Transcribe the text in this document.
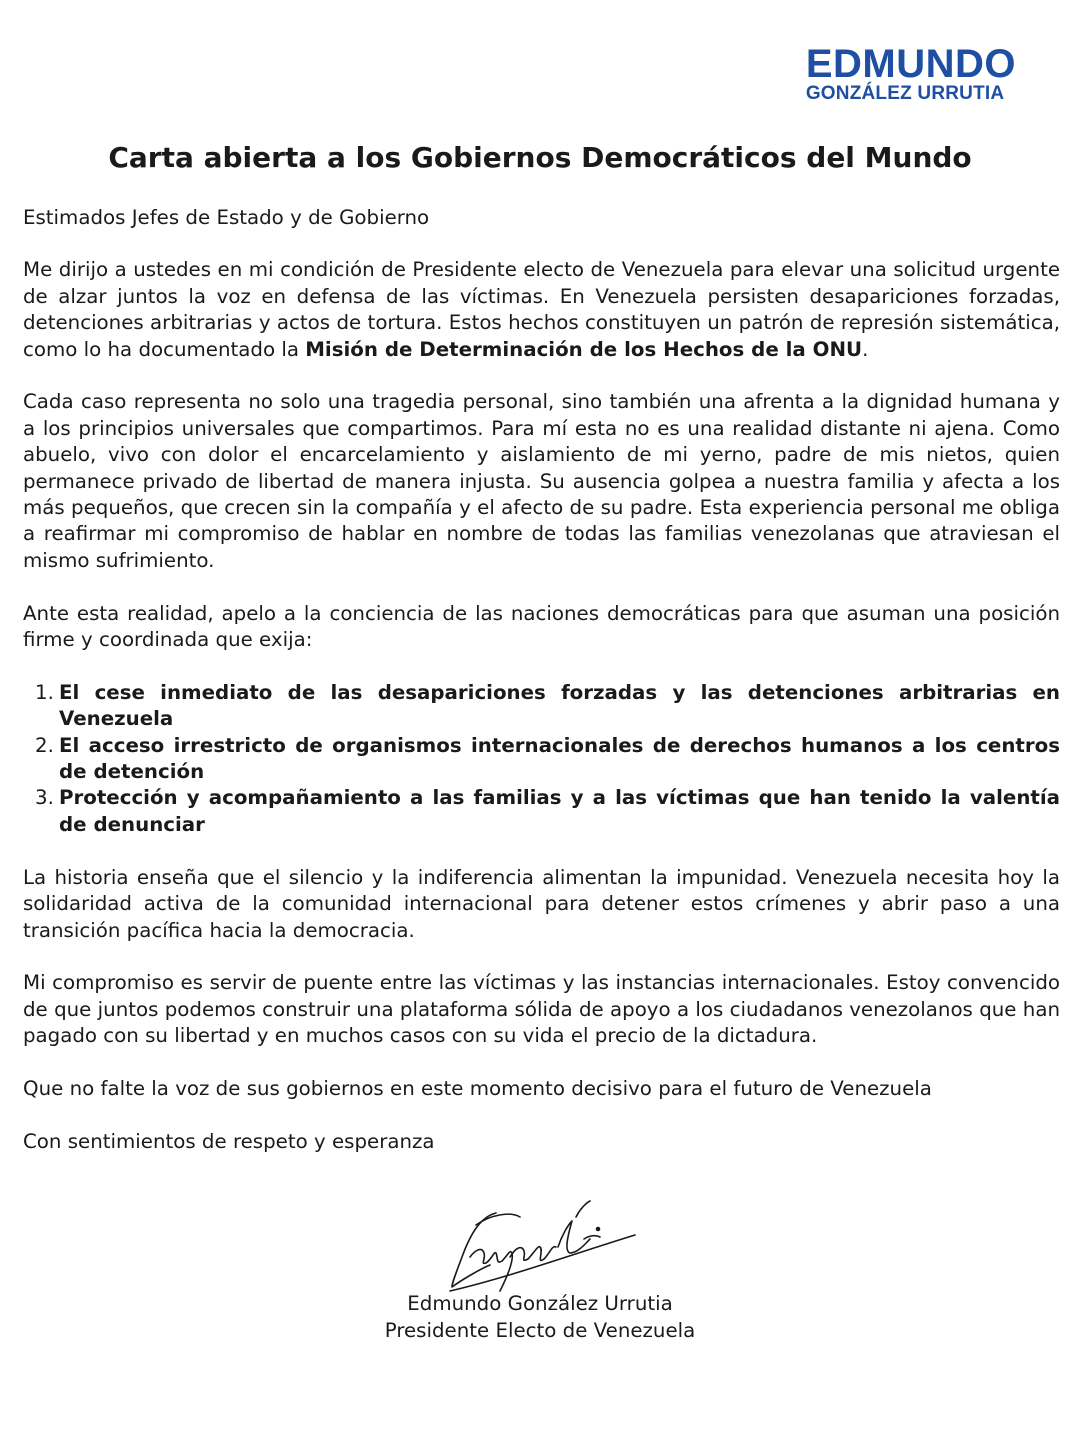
EDMUNDO
GONZÁLEZ URRUTIA
Carta abierta a los Gobiernos Democráticos del Mundo

Estimados Jefes de Estado y de Gobierno

Me dirijo a ustedes en mi condición de Presidente electo de Venezuela para elevar una solicitud urgente de alzar juntos la voz en defensa de las víctimas. En Venezuela persisten desapariciones forzadas, detenciones arbitrarias y actos de tortura. Estos hechos constituyen un patrón de represión sistemática, como lo ha documentado la Misión de Determinación de los Hechos de la ONU.

Cada caso representa no solo una tragedia personal, sino también una afrenta a la dignidad humana y a los principios universales que compartimos. Para mí esta no es una realidad distante ni ajena. Como abuelo, vivo con dolor el encarcelamiento y aislamiento de mi yerno, padre de mis nietos, quien permanece privado de libertad de manera injusta. Su ausencia golpea a nuestra familia y afecta a los más pequeños, que crecen sin la compañía y el afecto de su padre. Esta experiencia personal me obliga a reafirmar mi compromiso de hablar en nombre de todas las familias venezolanas que atraviesan el mismo sufrimiento.

Ante esta realidad, apelo a la conciencia de las naciones democráticas para que asuman una posición firme y coordinada que exija:

1. El cese inmediato de las desapariciones forzadas y las detenciones arbitrarias en Venezuela
2. El acceso irrestricto de organismos internacionales de derechos humanos a los centros de detención
3. Protección y acompañamiento a las familias y a las víctimas que han tenido la valentía de denunciar

La historia enseña que el silencio y la indiferencia alimentan la impunidad. Venezuela necesita hoy la solidaridad activa de la comunidad internacional para detener estos crímenes y abrir paso a una transición pacífica hacia la democracia.

Mi compromiso es servir de puente entre las víctimas y las instancias internacionales. Estoy convencido de que juntos podemos construir una plataforma sólida de apoyo a los ciudadanos venezolanos que han pagado con su libertad y en muchos casos con su vida el precio de la dictadura.

Que no falte la voz de sus gobiernos en este momento decisivo para el futuro de Venezuela

Con sentimientos de respeto y esperanza

Edmundo González Urrutia
Presidente Electo de Venezuela
